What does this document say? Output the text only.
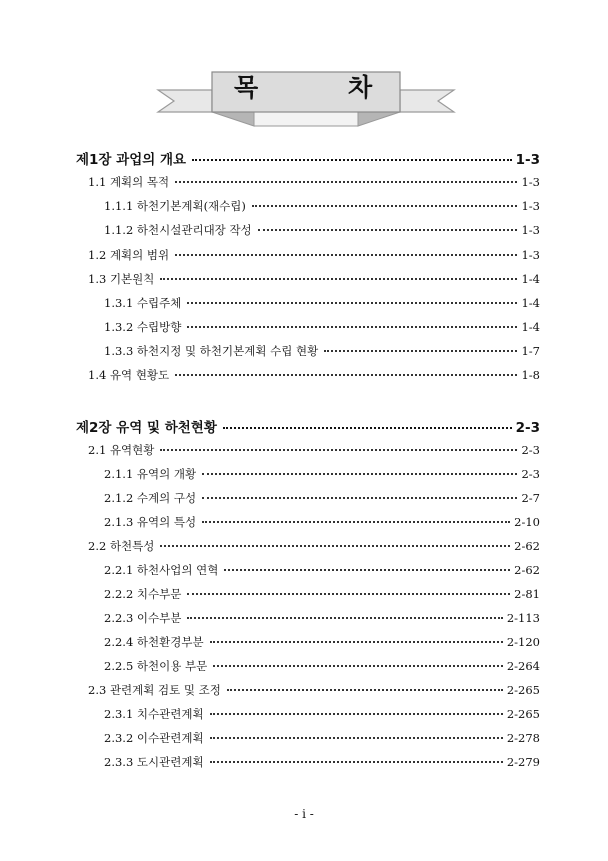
목	차
제1장 과업의 개요	1-3
1.1 계획의 목적	1-3
1.1.1 하천기본계획(재수립)	1-3
1.1.2 하천시설관리대장 작성	1-3
1.2 계획의 범위	1-3
1.3 기본원칙	1-4
1.3.1 수립주체	1-4
1.3.2 수립방향	1-4
1.3.3 하천지정 및 하천기본계획 수립 현황	1-7
1.4 유역 현황도	1-8
제2장 유역 및 하천현황	2-3
2.1 유역현황	2-3
2.1.1 유역의 개황	2-3
2.1.2 수계의 구성	2-7
2.1.3 유역의 특성	2-10
2.2 하천특성	2-62
2.2.1 하천사업의 연혁	2-62
2.2.2 치수부문	2-81
2.2.3 이수부분	2-113
2.2.4 하천환경부분	2-120
2.2.5 하천이용 부문	2-264
2.3 관련계획 검토 및 조정	2-265
2.3.1 치수관련계획	2-265
2.3.2 이수관련계획	2-278
2.3.3 도시관련계획	2-279
- i -
